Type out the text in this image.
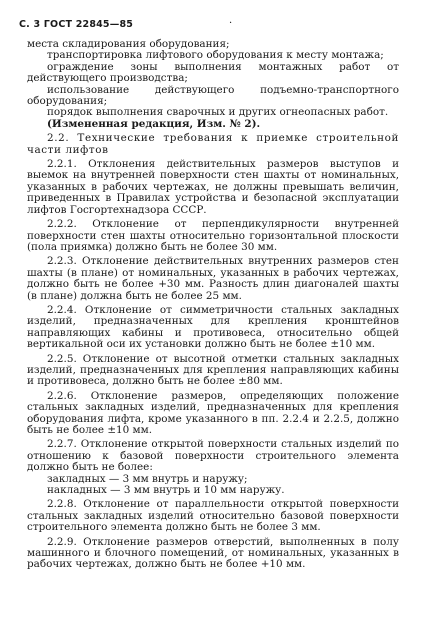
С. 3 ГОСТ 22845—85	·

места складирования оборудования;

транспортировка лифтового оборудования к месту монтажа;

ограждение зоны выполнения монтажных работ от действующего производства;

использование действующего подъемно-транспортного оборудования;

порядок выполнения сварочных и других огнеопасных работ.

(Измененная редакция, Изм. № 2).

2.2. Технические требования к приемке строительной части лифтов

2.2.1. Отклонения действительных размеров выступов и выемок на внутренней поверхности стен шахты от номинальных, указанных в рабочих чертежах, не должны превышать величин, приведенных в Правилах устройства и безопасной эксплуатации лифтов Госгортехнадзора СССР.

2.2.2. Отклонение от перпендикулярности внутренней поверхности стен шахты относительно горизонтальной плоскости (пола приямка) должно быть не более 30 мм.

2.2.3. Отклонение действительных внутренних размеров стен шахты (в плане) от номинальных, указанных в рабочих чертежах, должно быть не более +30 мм. Разность длин диагоналей шахты (в плане) должна быть не более 25 мм.

2.2.4. Отклонение от симметричности стальных закладных изделий, предназначенных для крепления кронштейнов направляющих кабины и противовеса, относительно общей вертикальной оси их установки должно быть не более ±10 мм.

2.2.5. Отклонение от высотной отметки стальных закладных изделий, предназначенных для крепления направляющих кабины и противовеса, должно быть не более ±80 мм.

2.2.6. Отклонение размеров, определяющих положение стальных закладных изделий, предназначенных для крепления оборудования лифта, кроме указанного в пп. 2.2.4 и 2.2.5, должно быть не более ±10 мм.

2.2.7. Отклонение открытой поверхности стальных изделий по отношению к базовой поверхности строительного элемента должно быть не более:

закладных — 3 мм внутрь и наружу;

накладных — 3 мм внутрь и 10 мм наружу.

2.2.8. Отклонение от параллельности открытой поверхности стальных закладных изделий относительно базовой поверхности строительного элемента должно быть не более 3 мм.

2.2.9. Отклонение размеров отверстий, выполненных в полу машинного и блочного помещений, от номинальных, указанных в рабочих чертежах, должно быть не более +10 мм.
